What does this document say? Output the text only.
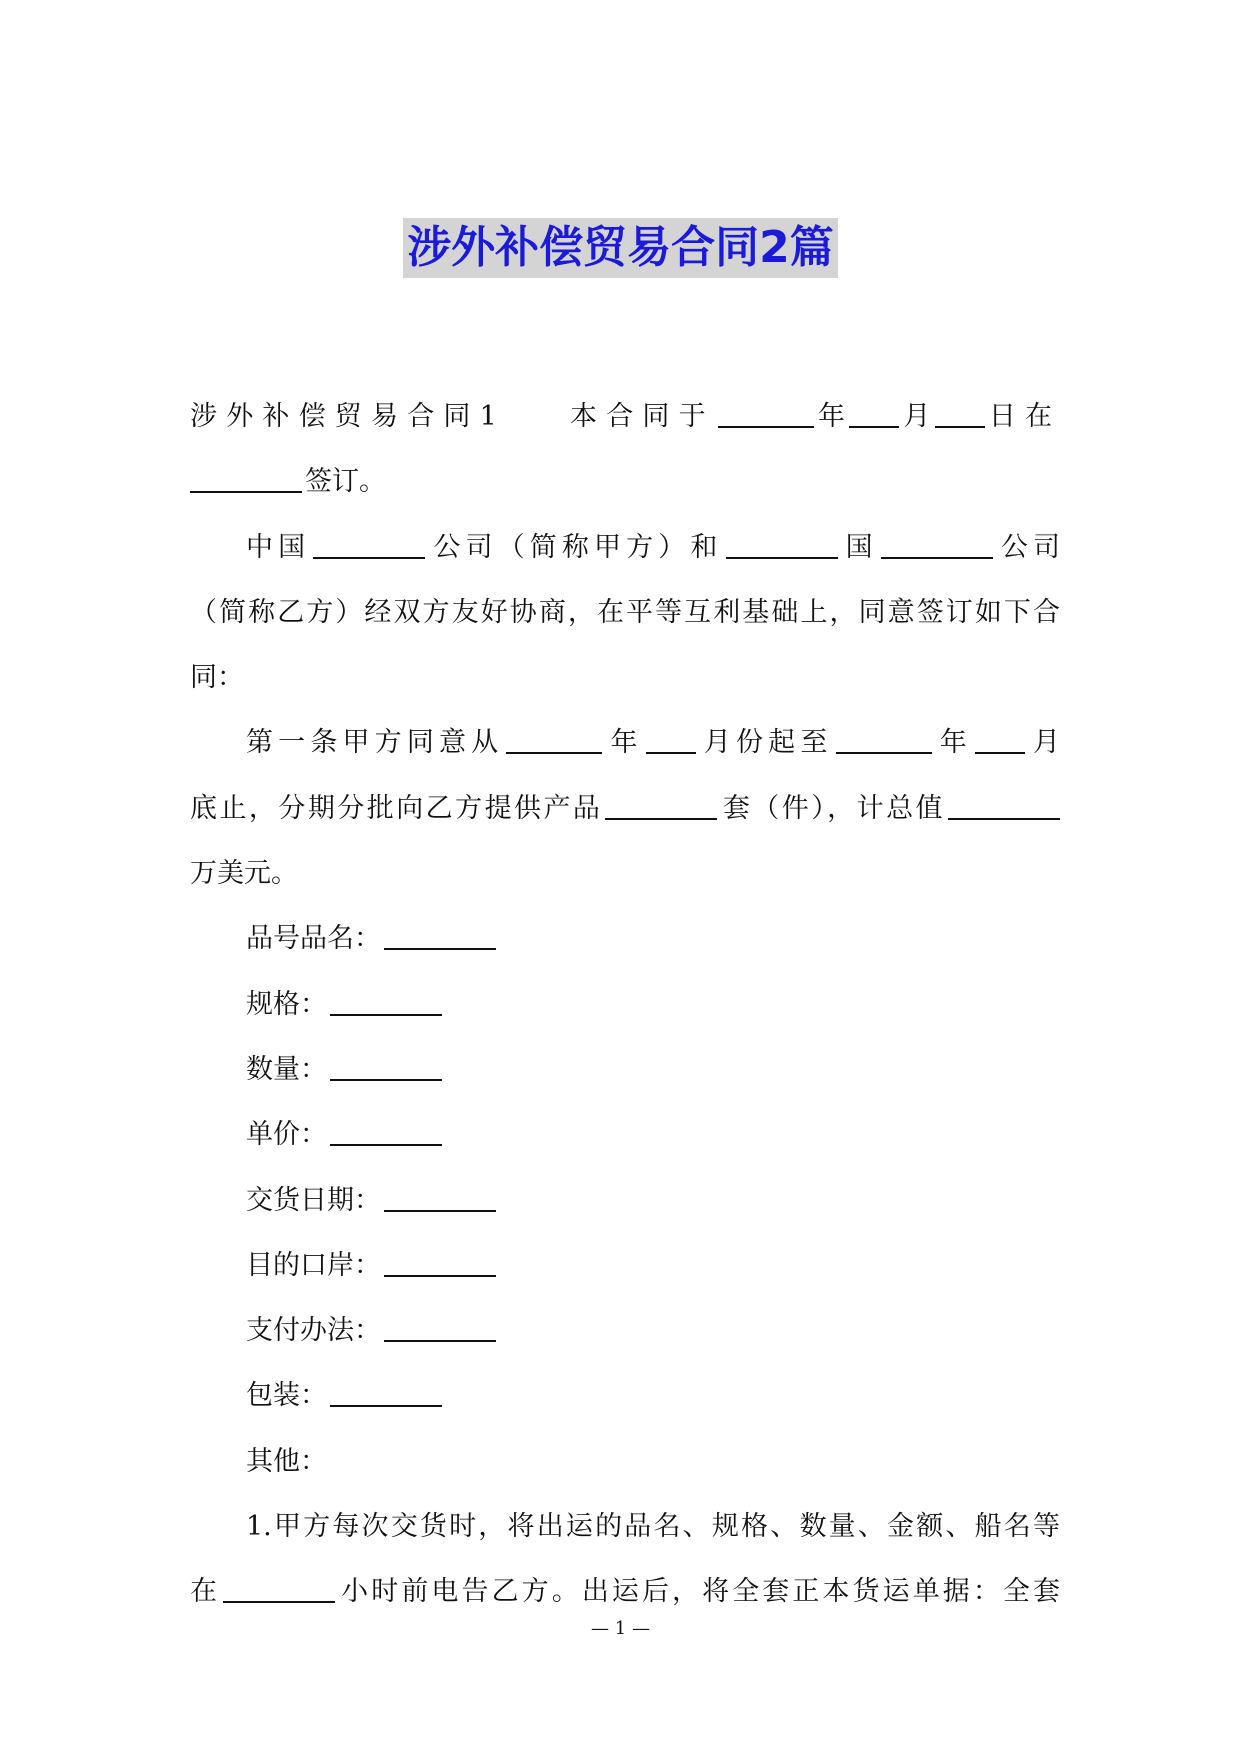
涉外补偿贸易合同2篇
涉外补偿贸易合同1 本合同于	年 月 日在
签订。
中国	公司（简称甲方）和	国	公司
（简称乙方）经双方友好协商，在平等互利基础上，同意签订如下合
同：
第一条甲方同意从	年 月份起至	年 月
底止，分期分批向乙方提供产品	套（件），计总值
万美元。
品号品名：
规格：
数量：
单价：
交货日期：
目的口岸：
支付办法：
包装：
其他：
1.甲方每次交货时，将出运的品名、规格、数量、金额、船名等
在	小时前电告乙方。出运后，将全套正本货运单据：全套
— 1 —
